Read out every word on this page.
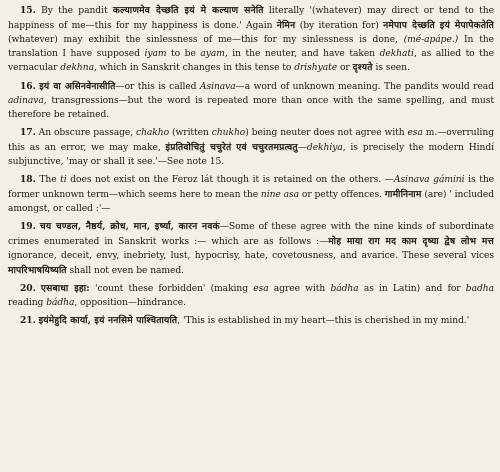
15. By the pandit कल्याणमेव देच्छति इयं मे कल्याण सनेति literally '(whatever) may direct or tend to the happiness of me—this for my happiness is done.' Again नेमिन (by iteration for) नमेपाप देच्छति इयं मेपापेकतेति (whatever) may exhibit the sinlessness of me—this for my sinlessness is done, (mé-apápe.) In the translation I have supposed iyam to be ayam, in the neuter, and have taken dekhati, as allied to the vernacular dekhna, which in Sanskrit changes in this tense to drishyate or दृश्यते is seen.

16. इयं वा असिनवेनासीति—or this is called Asinava—a word of unknown meaning. The pandits would read adinava, transgressions—but the word is repeated more than once with the same spelling, and must therefore be retained.

17. An obscure passage, chakho (written chukho) being neuter does not agree with esa m.—overruling this as an error, we may make, इंप्रतिवोचितुं चचुरेतं एवं चचुरतमप्रत्वतु—dekhiya, is precisely the modern Hindí subjunctive, 'may or shall it see.'—See note 15.

18. The ti does not exist on the Feroz lát though it is retained on the others. —Asinava gámini is the former unknown term—which seems here to mean the nine asa or petty offences. गामीनिनाम (are) ' included amongst, or called :'—

19. चय चण्डल, नैष्ठर्य, क्रोध, मान, इर्ष्या, कारन नवकं—Some of these agree with the nine kinds of subordinate crimes enumerated in Sanskrit works :— which are as follows :—मोह माया राग मद काम दृष्या द्वेष लोभ मत्त ignorance, deceit, envy, inebriety, lust, hypocrisy, hate, covetousness, and avarice. These several vices मापरिभाषयिष्यति shall not even be named.

20. एसबाधा इहा: 'count these forbidden' (making esa agree with bádha as in Latin) and for badha reading bádha, opposition—hindrance.

21. इयंमेहुदि कार्या, इयं ननसिमे पाश्चितायति, 'This is established in my heart—this is cherished in my mind.'
